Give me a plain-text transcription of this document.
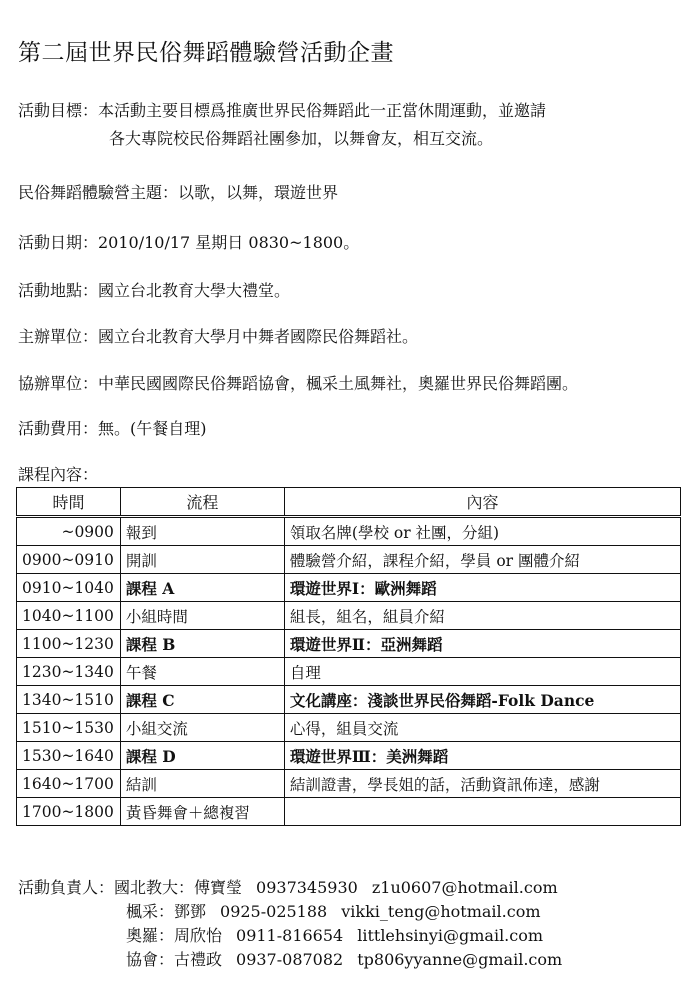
第二屆世界民俗舞蹈體驗營活動企畫

活動目標：本活動主要目標爲推廣世界民俗舞蹈此一正當休閒運動，並邀請

各大專院校民俗舞蹈社團參加，以舞會友，相互交流。

民俗舞蹈體驗營主題：以歌，以舞，環遊世界

活動日期：2010/10/17 星期日 0830~1800。

活動地點：國立台北教育大學大禮堂。

主辦單位：國立台北教育大學月中舞者國際民俗舞蹈社。

協辦單位：中華民國國際民俗舞蹈協會，楓采土風舞社，奧羅世界民俗舞蹈團。

活動費用：無。(午餐自理)

課程內容：

時間	流程	內容
~0900	報到	領取名牌(學校 or 社團，分組)
0900~0910	開訓	體驗營介紹，課程介紹，學員 or 團體介紹
0910~1040	課程 A	環遊世界Ⅰ：歐洲舞蹈
1040~1100	小組時間	組長，組名，組員介紹
1100~1230	課程 B	環遊世界Ⅱ：亞洲舞蹈
1230~1340	午餐	自理
1340~1510	課程 C	文化講座：淺談世界民俗舞蹈-Folk Dance
1510~1530	小組交流	心得，組員交流
1530~1640	課程 D	環遊世界Ⅲ：美洲舞蹈
1640~1700	結訓	結訓證書，學長姐的話，活動資訊佈達，感謝
1700~1800	黃昏舞會＋總複習	
活動負責人：國北教大：傅寶瑩 0937345930 z1u0607@hotmail.com
楓采：鄧鄧 0925-025188 vikki_teng@hotmail.com
奧羅：周欣怡 0911-816654 littlehsinyi@gmail.com
協會：古禮政 0937-087082 tp806yyanne@gmail.com
